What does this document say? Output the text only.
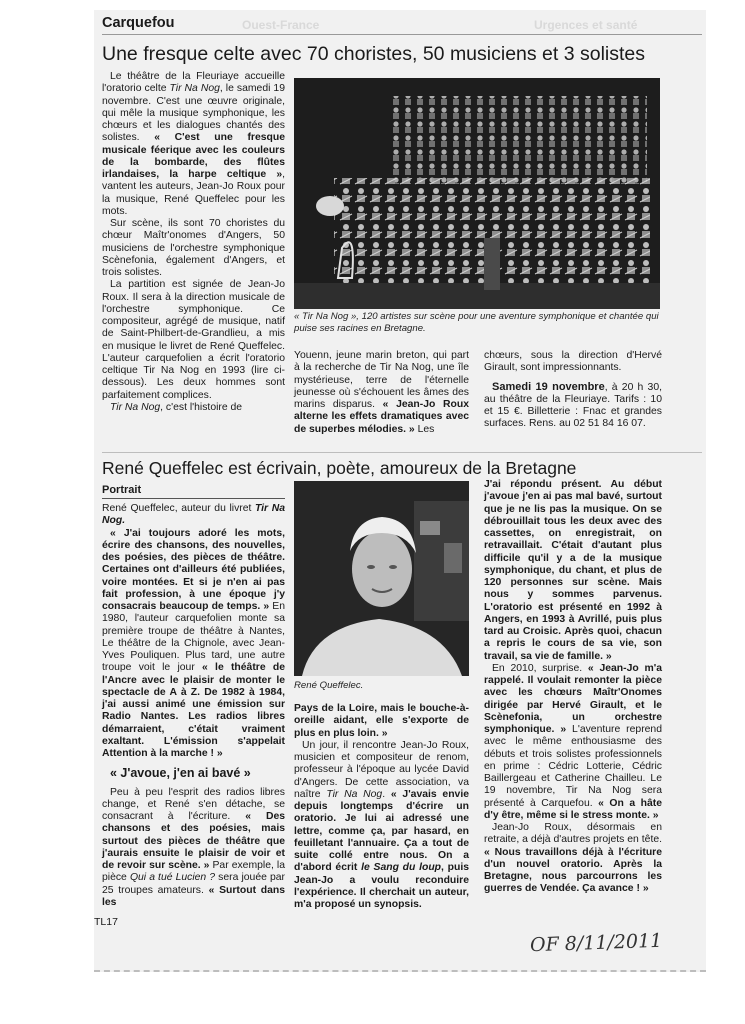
Carquefou	Ouest-France	Urgences et santé
Une fresque celte avec 70 choristes, 50 musiciens et 3 solistes

Le théâtre de la Fleuriaye accueille l'oratorio celte Tir Na Nog, le samedi 19 novembre. C'est une œuvre originale, qui mêle la musique symphonique, les chœurs et les dialogues chantés des solistes. « C'est une fresque musicale féerique avec les couleurs de la bombarde, des flûtes irlandaises, la harpe celtique », vantent les auteurs, Jean-Jo Roux pour la musique, René Queffelec pour les mots.

Sur scène, ils sont 70 choristes du chœur Maîtr'onomes d'Angers, 50 musiciens de l'orchestre symphonique Scènefonia, également d'Angers, et trois solistes.

La partition est signée de Jean-Jo Roux. Il sera à la direction musicale de l'orchestre symphonique. Ce compositeur, agrégé de musique, natif de Saint-Philbert-de-Grandlieu, a mis en musique le livret de René Queffelec. L'auteur carquefolien a écrit l'oratorio celtique Tir Na Nog en 1993 (lire ci-dessous). Les deux hommes sont parfaitement complices.

Tir Na Nog, c'est l'histoire de

« Tir Na Nog », 120 artistes sur scène pour une aventure symphonique et chantée qui puise ses racines en Bretagne.

Youenn, jeune marin breton, qui part à la recherche de Tir Na Nog, une île mystérieuse, terre de l'éternelle jeunesse où s'échouent les âmes des marins disparus. « Jean-Jo Roux alterne les effets dramatiques avec de superbes mélodies. » Les

chœurs, sous la direction d'Hervé Girault, sont impressionnants.

Samedi 19 novembre, à 20 h 30, au théâtre de la Fleuriaye. Tarifs : 10 et 15 €. Billetterie : Fnac et grandes surfaces. Rens. au 02 51 84 16 07.

René Queffelec est écrivain, poète, amoureux de la Bretagne
Portrait

René Queffelec, auteur du livret Tir Na Nog.

« J'ai toujours adoré les mots, écrire des chansons, des nouvelles, des poésies, des pièces de théâtre. Certaines ont d'ailleurs été publiées, voire montées. Et si je n'en ai pas fait profession, à une époque j'y consacrais beaucoup de temps. » En 1980, l'auteur carquefolien monte sa première troupe de théâtre à Nantes, Le théâtre de la Chignole, avec Jean-Yves Pouliquen. Plus tard, une autre troupe voit le jour « le théâtre de l'Ancre avec le plaisir de monter le spectacle de A à Z. De 1982 à 1984, j'ai aussi animé une émission sur Radio Nantes. Les radios libres démarraient, c'était vraiment exaltant. L'émission s'appelait Attention à la marche ! »

« J'avoue, j'en ai bavé »

Peu à peu l'esprit des radios libres change, et René s'en détache, se consacrant à l'écriture. « Des chansons et des poésies, mais surtout des pièces de théâtre que j'aurais ensuite le plaisir de voir et de revoir sur scène. » Par exemple, la pièce Qui a tué Lucien ? sera jouée par 25 troupes amateurs. « Surtout dans les

René Queffelec.

Pays de la Loire, mais le bouche-à-oreille aidant, elle s'exporte de plus en plus loin. »

Un jour, il rencontre Jean-Jo Roux, musicien et compositeur de renom, professeur à l'époque au lycée David d'Angers. De cette association, va naître Tir Na Nog. « J'avais envie depuis longtemps d'écrire un oratorio. Je lui ai adressé une lettre, comme ça, par hasard, en feuilletant l'annuaire. Ça a tout de suite collé entre nous. On a d'abord écrit le Sang du loup, puis Jean-Jo a voulu reconduire l'expérience. Il cherchait un auteur, m'a proposé un synopsis.

J'ai répondu présent. Au début j'avoue j'en ai pas mal bavé, surtout que je ne lis pas la musique. On se débrouillait tous les deux avec des cassettes, on enregistrait, on retravaillait. C'était d'autant plus difficile qu'il y a de la musique symphonique, du chant, et plus de 120 personnes sur scène. Mais nous y sommes parvenus. L'oratorio est présenté en 1992 à Angers, en 1993 à Avrillé, puis plus tard au Croisic. Après quoi, chacun a repris le cours de sa vie, son travail, sa vie de famille. »

En 2010, surprise. « Jean-Jo m'a rappelé. Il voulait remonter la pièce avec les chœurs Maîtr'Onomes dirigée par Hervé Girault, et le Scènefonia, un orchestre symphonique. » L'aventure reprend avec le même enthousiasme des débuts et trois solistes professionnels en prime : Cédric Lotterie, Cédric Baillergeau et Catherine Chailleu. Le 19 novembre, Tir Na Nog sera présenté à Carquefou. « On a hâte d'y être, même si le stress monte. »

Jean-Jo Roux, désormais en retraite, a déjà d'autres projets en tête. « Nous travaillons déjà à l'écriture d'un nouvel oratorio. Après la Bretagne, nous parcourrons les guerres de Vendée. Ça avance ! »

TL17
OF 8/11/2011
